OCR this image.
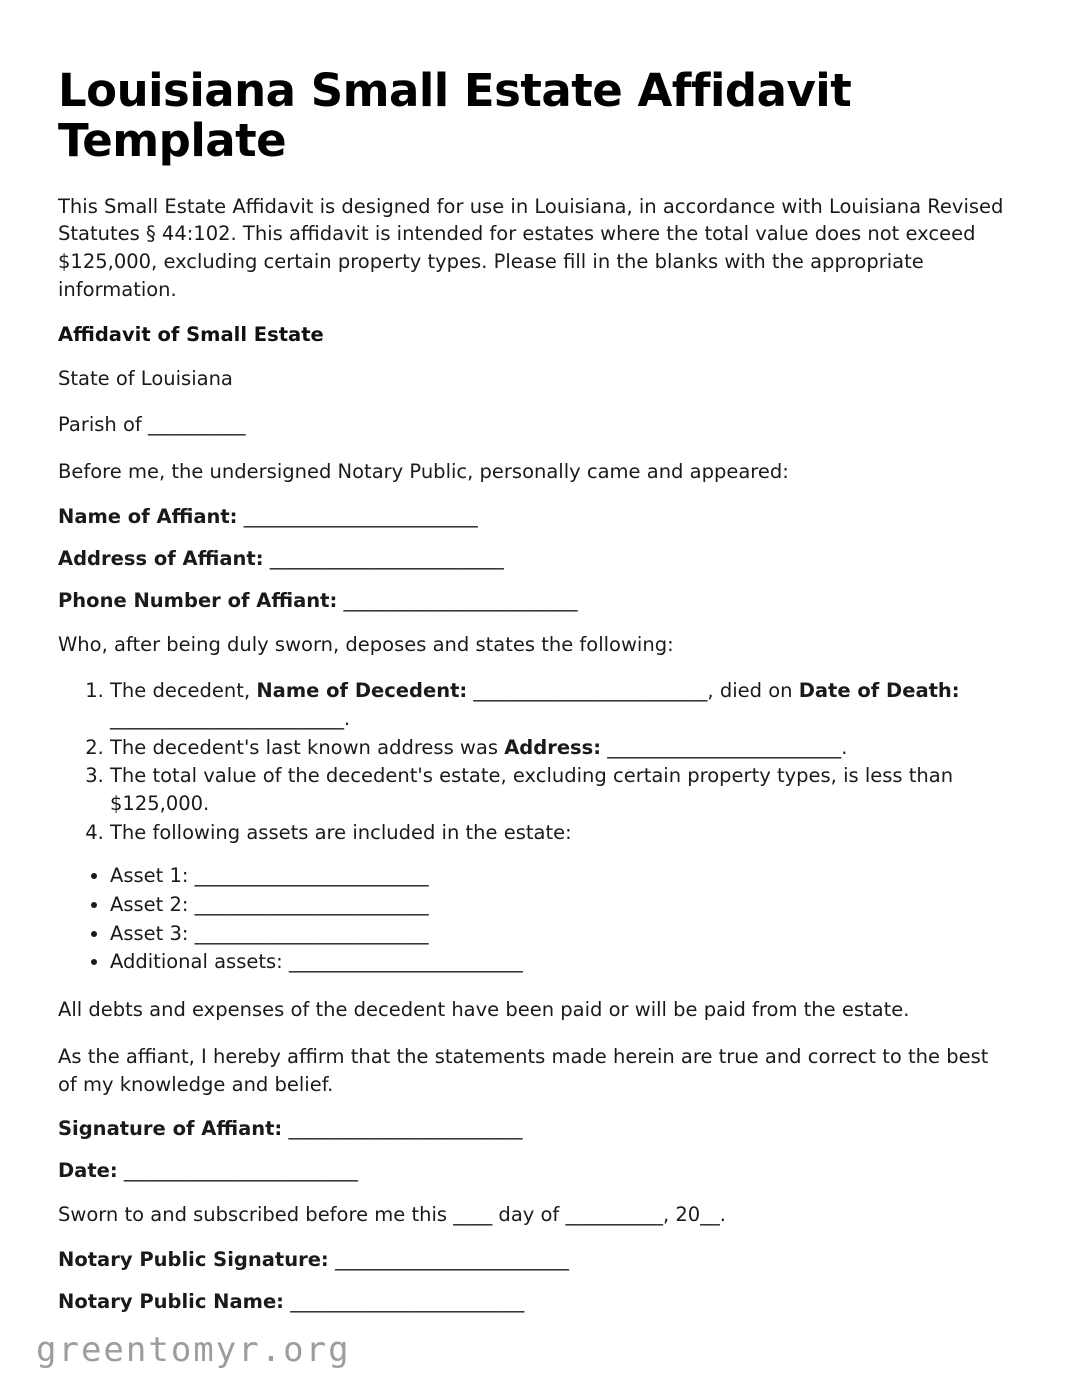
Louisiana Small Estate Affidavit Template

This Small Estate Affidavit is designed for use in Louisiana, in accordance with Louisiana Revised Statutes § 44:102. This affidavit is intended for estates where the total value does not exceed $125,000, excluding certain property types. Please fill in the blanks with the appropriate information.

Affidavit of Small Estate

State of Louisiana

Parish of __________

Before me, the undersigned Notary Public, personally came and appeared:

Name of Affiant: ________________________
Address of Affiant: ________________________
Phone Number of Affiant: ________________________

Who, after being duly sworn, deposes and states the following:

1. The decedent, Name of Decedent: ________________________, died on Date of Death: ________________________.
2. The decedent's last known address was Address: ________________________.
3. The total value of the decedent's estate, excluding certain property types, is less than $125,000.
4. The following assets are included in the estate:
• Asset 1: ________________________
• Asset 2: ________________________
• Asset 3: ________________________
• Additional assets: ________________________

All debts and expenses of the decedent have been paid or will be paid from the estate.

As the affiant, I hereby affirm that the statements made herein are true and correct to the best of my knowledge and belief.

Signature of Affiant: ________________________
Date: ________________________

Sworn to and subscribed before me this ____ day of __________, 20__.

Notary Public Signature: ________________________
Notary Public Name: ________________________
greentomyr.org
